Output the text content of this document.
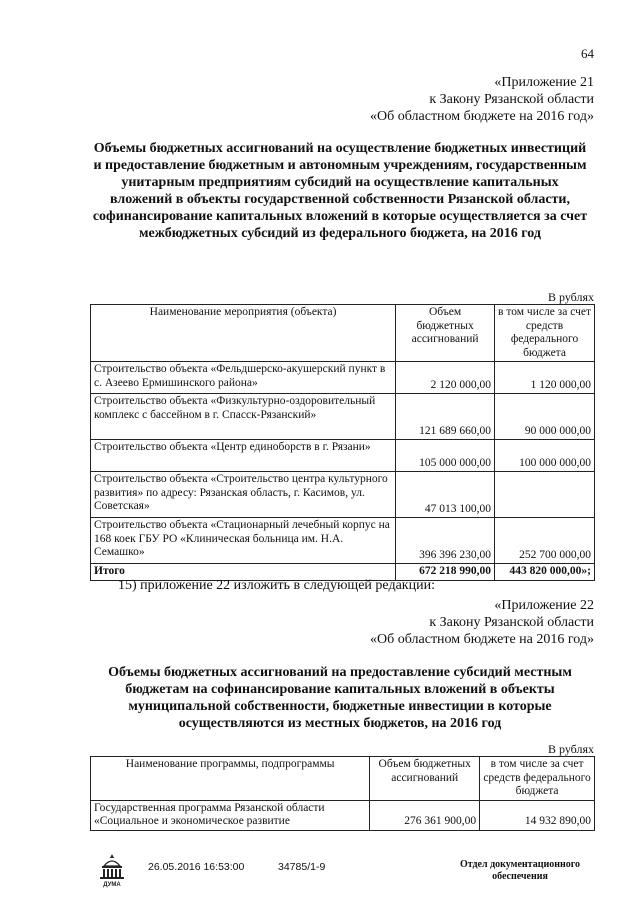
64
«Приложение 21
к Закону Рязанской области
«Об областном бюджете на 2016 год»
Объемы бюджетных ассигнований на осуществление бюджетных инвестиций и предоставление бюджетным и автономным учреждениям, государственным унитарным предприятиям субсидий на осуществление капитальных вложений в объекты государственной собственности Рязанской области, софинансирование капитальных вложений в которые осуществляется за счет межбюджетных субсидий из федерального бюджета, на 2016 год
В рублях
Наименование мероприятия (объекта)	Объем бюджетных ассигнований	в том числе за счет средств федерального бюджета
Строительство объекта «Фельдшерско-акушерский пункт в с. Азеево Ермишинского района»	2 120 000,00	1 120 000,00
Строительство объекта «Физкультурно-оздоровительный комплекс с бассейном в г. Спасск-Рязанский»	121 689 660,00	90 000 000,00
Строительство объекта «Центр единоборств в г. Рязани»	105 000 000,00	100 000 000,00
Строительство объекта «Строительство центра культурного развития» по адресу: Рязанская область, г. Касимов, ул. Советская»	47 013 100,00	
Строительство объекта «Стационарный лечебный корпус на 168 коек ГБУ РО «Клиническая больница им. Н.А. Семашко»	396 396 230,00	252 700 000,00
Итого	672 218 990,00	443 820 000,00»;
15) приложение 22 изложить в следующей редакции:
«Приложение 22
к Закону Рязанской области
«Об областном бюджете на 2016 год»
Объемы бюджетных ассигнований на предоставление субсидий местным бюджетам на софинансирование капитальных вложений в объекты муниципальной собственности, бюджетные инвестиции в которые осуществляются из местных бюджетов, на 2016 год
В рублях
Наименование программы, подпрограммы	Объем бюджетных ассигнований	в том числе за счет средств федерального бюджета
Государственная программа Рязанской области «Социальное и экономическое развитие	276 361 900,00	14 932 890,00
ДУМА
26.05.2016 16:53:00	34785/1-9	Отдел документационного
обеспечения
